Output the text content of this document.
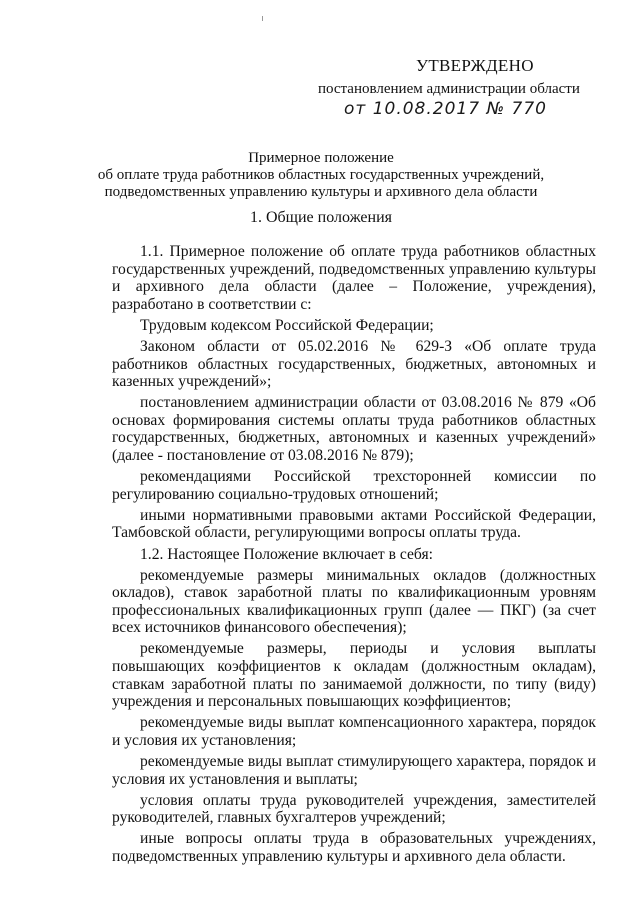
УТВЕРЖДЕНО
постановлением администрации области
от 10.08.2017 № 770
Примерное положение
об оплате труда работников областных государственных учреждений,
подведомственных управлению культуры и архивного дела области
1. Общие положения

1.1. Примерное положение об оплате труда работников областных государственных учреждений, подведомственных управлению культуры и архивного дела области (далее – Положение, учреждения), разработано в соответствии с:

Трудовым кодексом Российской Федерации;

Законом области от 05.02.2016 № 629-З «Об оплате труда работников областных государственных, бюджетных, автономных и казенных учреждений»;

постановлением администрации области от 03.08.2016 № 879 «Об основах формирования системы оплаты труда работников областных государственных, бюджетных, автономных и казенных учреждений» (далее - постановление от 03.08.2016 № 879);

рекомендациями Российской трехсторонней комиссии по регулированию социально-трудовых отношений;

иными нормативными правовыми актами Российской Федерации, Тамбовской области, регулирующими вопросы оплаты труда.

1.2. Настоящее Положение включает в себя:

рекомендуемые размеры минимальных окладов (должностных окладов), ставок заработной платы по квалификационным уровням профессиональных квалификационных групп (далее — ПКГ) (за счет всех источников финансового обеспечения);

рекомендуемые размеры, периоды и условия выплаты повышающих коэффициентов к окладам (должностным окладам), ставкам заработной платы по занимаемой должности, по типу (виду) учреждения и персональных повышающих коэффициентов;

рекомендуемые виды выплат компенсационного характера, порядок и условия их установления;

рекомендуемые виды выплат стимулирующего характера, порядок и условия их установления и выплаты;

условия оплаты труда руководителей учреждения, заместителей руководителей, главных бухгалтеров учреждений;

иные вопросы оплаты труда в образовательных учреждениях, подведомственных управлению культуры и архивного дела области.
